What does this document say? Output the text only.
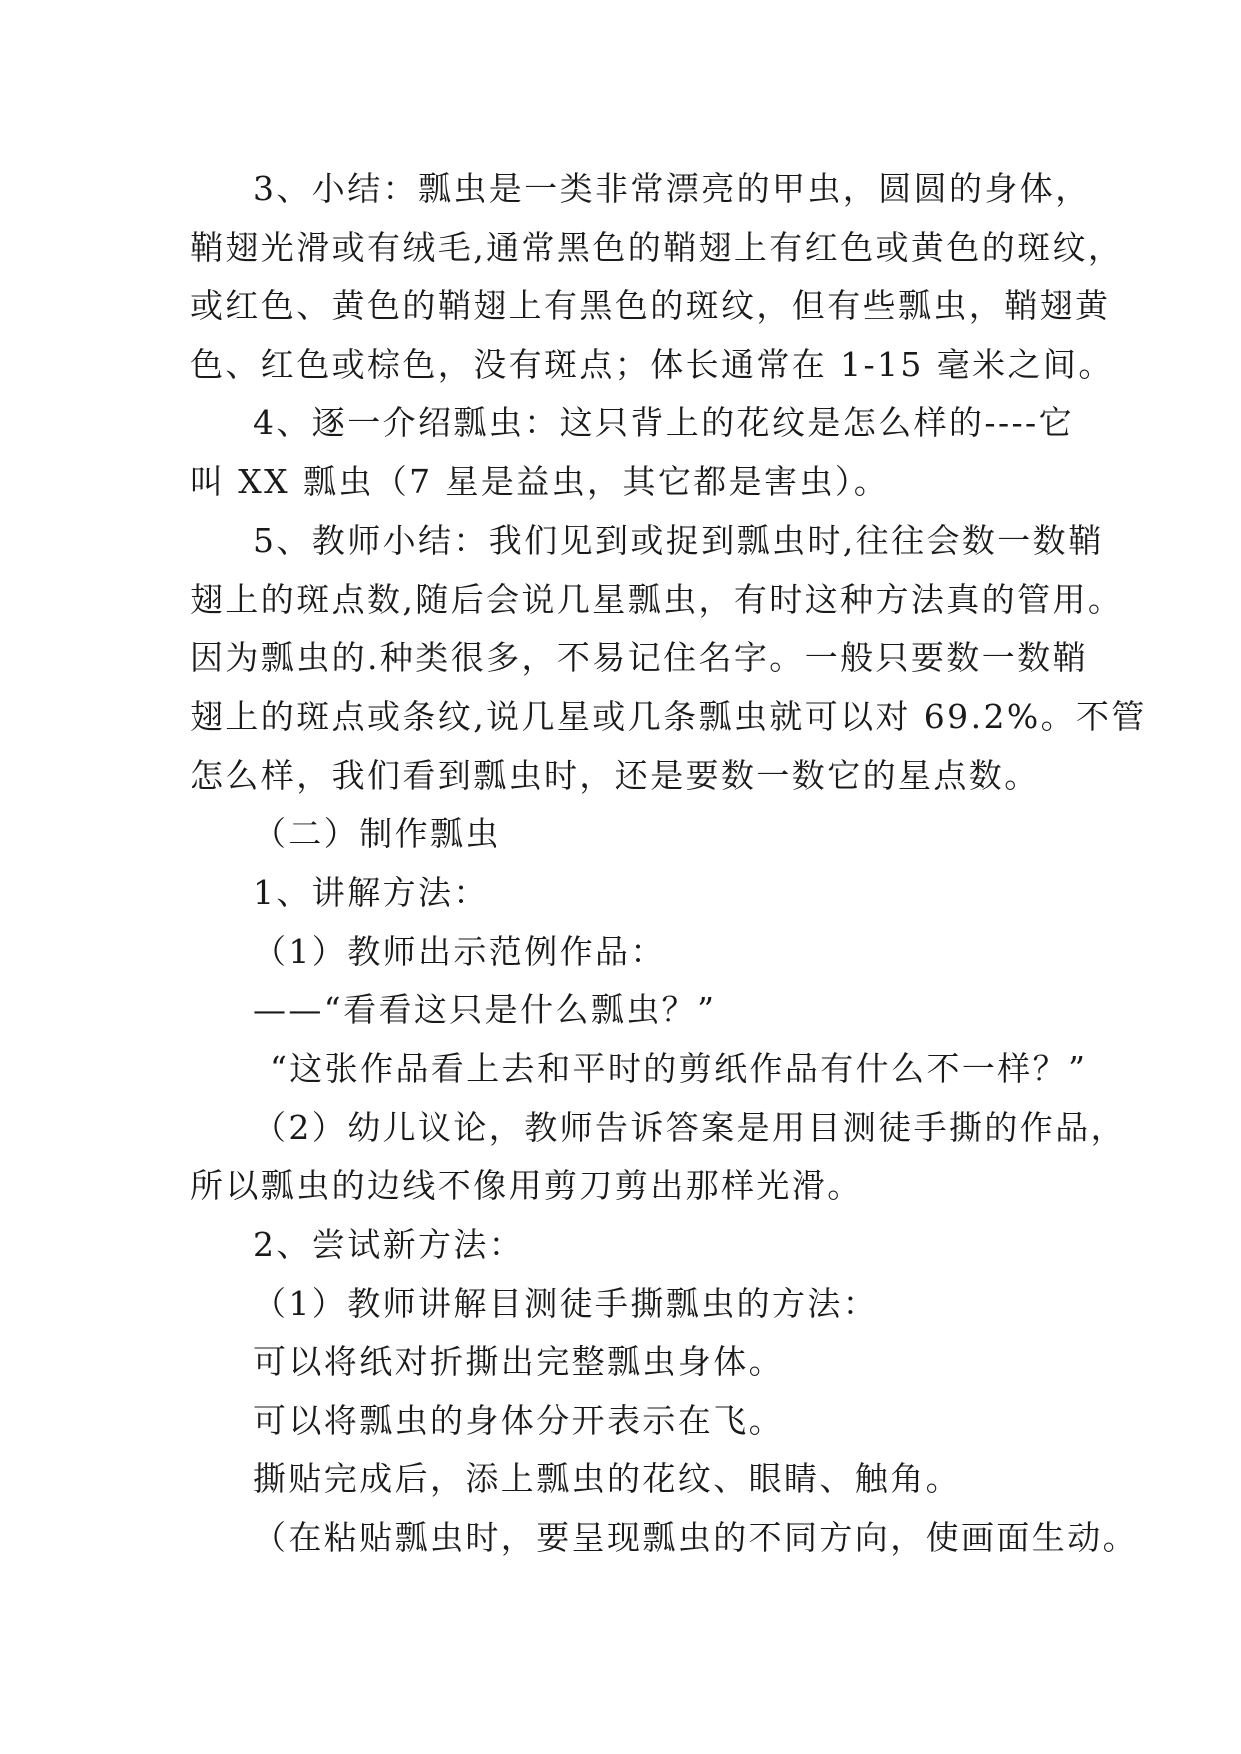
3、小结：瓢虫是一类非常漂亮的甲虫，圆圆的身体，
鞘翅光滑或有绒毛,通常黑色的鞘翅上有红色或黄色的斑纹，
或红色、黄色的鞘翅上有黑色的斑纹，但有些瓢虫，鞘翅黄
色、红色或棕色，没有斑点；体长通常在 1-15 毫米之间。
4、逐一介绍瓢虫：这只背上的花纹是怎么样的----它
叫 XX 瓢虫（7 星是益虫，其它都是害虫）。
5、教师小结：我们见到或捉到瓢虫时,往往会数一数鞘
翅上的斑点数,随后会说几星瓢虫，有时这种方法真的管用。
因为瓢虫的.种类很多，不易记住名字。一般只要数一数鞘
翅上的斑点或条纹,说几星或几条瓢虫就可以对 69.2%。不管
怎么样，我们看到瓢虫时，还是要数一数它的星点数。
（二）制作瓢虫
1、讲解方法：
（1）教师出示范例作品：
——“看看这只是什么瓢虫？”
“这张作品看上去和平时的剪纸作品有什么不一样？”
（2）幼儿议论，教师告诉答案是用目测徒手撕的作品，
所以瓢虫的边线不像用剪刀剪出那样光滑。
2、尝试新方法：
（1）教师讲解目测徒手撕瓢虫的方法：
可以将纸对折撕出完整瓢虫身体。
可以将瓢虫的身体分开表示在飞。
撕贴完成后，添上瓢虫的花纹、眼睛、触角。
（在粘贴瓢虫时，要呈现瓢虫的不同方向，使画面生动。
